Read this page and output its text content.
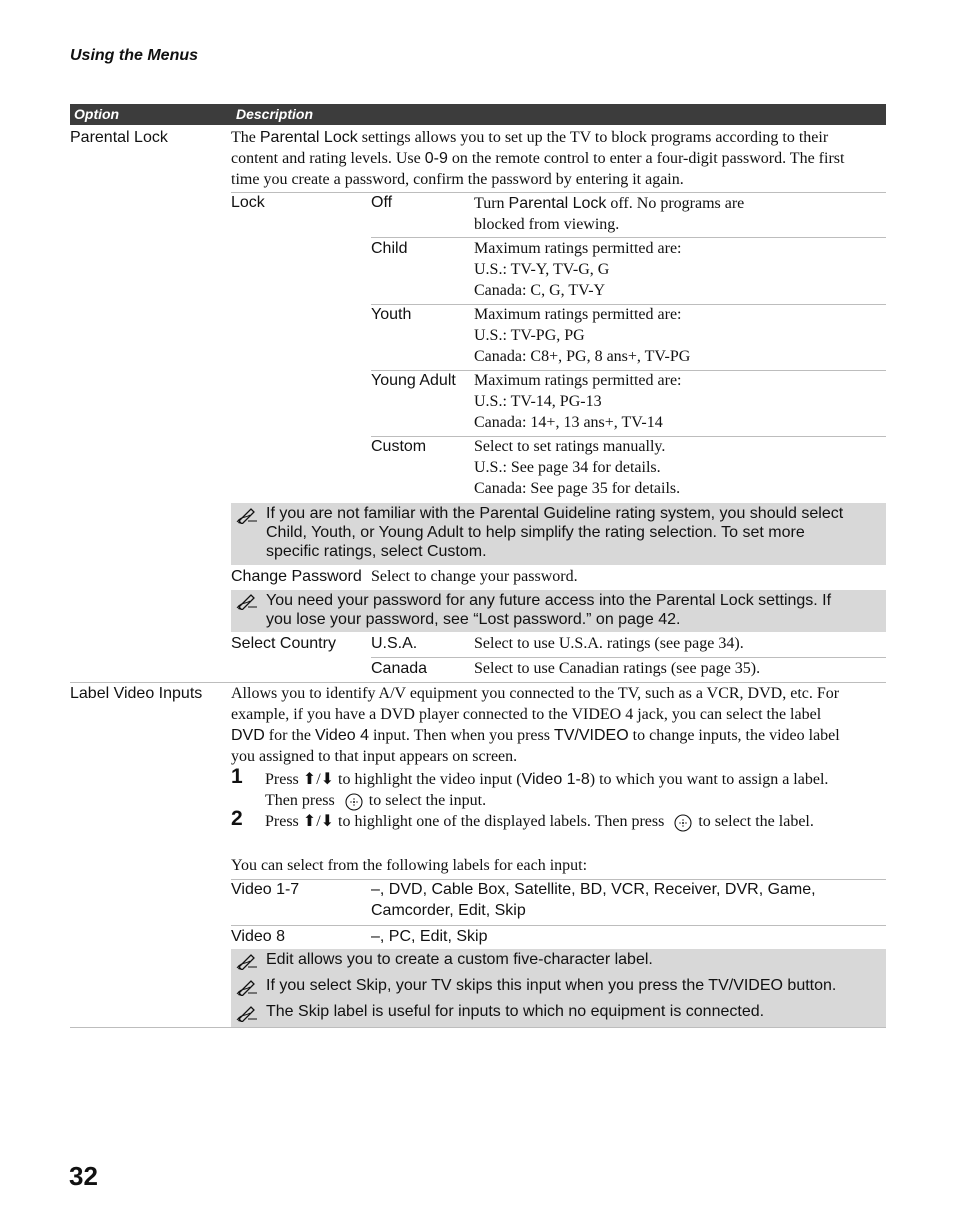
Using the Menus
Option	Description
Parental Lock	The Parental Lock settings allows you to set up the TV to block programs according to their
content and rating levels. Use 0-9 on the remote control to enter a four-digit password. The first
time you create a password, confirm the password by entering it again.
Lock	Off	Turn Parental Lock off. No programs are
blocked from viewing.
Child	Maximum ratings permitted are:
U.S.: TV-Y, TV-G, G
Canada: C, G, TV-Y
Youth	Maximum ratings permitted are:
U.S.: TV-PG, PG
Canada: C8+, PG, 8 ans+, TV-PG
Young Adult Maximum ratings permitted are:
U.S.: TV-14, PG-13
Canada: 14+, 13 ans+, TV-14
Custom	Select to set ratings manually.
U.S.: See page 34 for details.
Canada: See page 35 for details.
If you are not familiar with the Parental Guideline rating system, you should select
Child, Youth, or Young Adult to help simplify the rating selection. To set more
specific ratings, select Custom.
Change Password Select to change your password.
You need your password for any future access into the Parental Lock settings. If
you lose your password, see “Lost password.” on page 42.
Select Country U.S.A.	Select to use U.S.A. ratings (see page 34).
Canada	Select to use Canadian ratings (see page 35).
Label Video Inputs Allows you to identify A/V equipment you connected to the TV, such as a VCR, DVD, etc. For
example, if you have a DVD player connected to the VIDEO 4 jack, you can select the label
DVD for the Video 4 input. Then when you press TV/VIDEO to change inputs, the video label
you assigned to that input appears on screen.
1 Press ⬆/⬇ to highlight the video input (Video 1-8) to which you want to assign a label.
Then press to select the input.
2 Press ⬆/⬇ to highlight one of the displayed labels. Then press to select the label.
You can select from the following labels for each input:
Video 1-7	–, DVD, Cable Box, Satellite, BD, VCR, Receiver, DVR, Game,
Camcorder, Edit, Skip
Video 8	–, PC, Edit, Skip
Edit allows you to create a custom five-character label.
If you select Skip, your TV skips this input when you press the TV/VIDEO button.
The Skip label is useful for inputs to which no equipment is connected.
32
